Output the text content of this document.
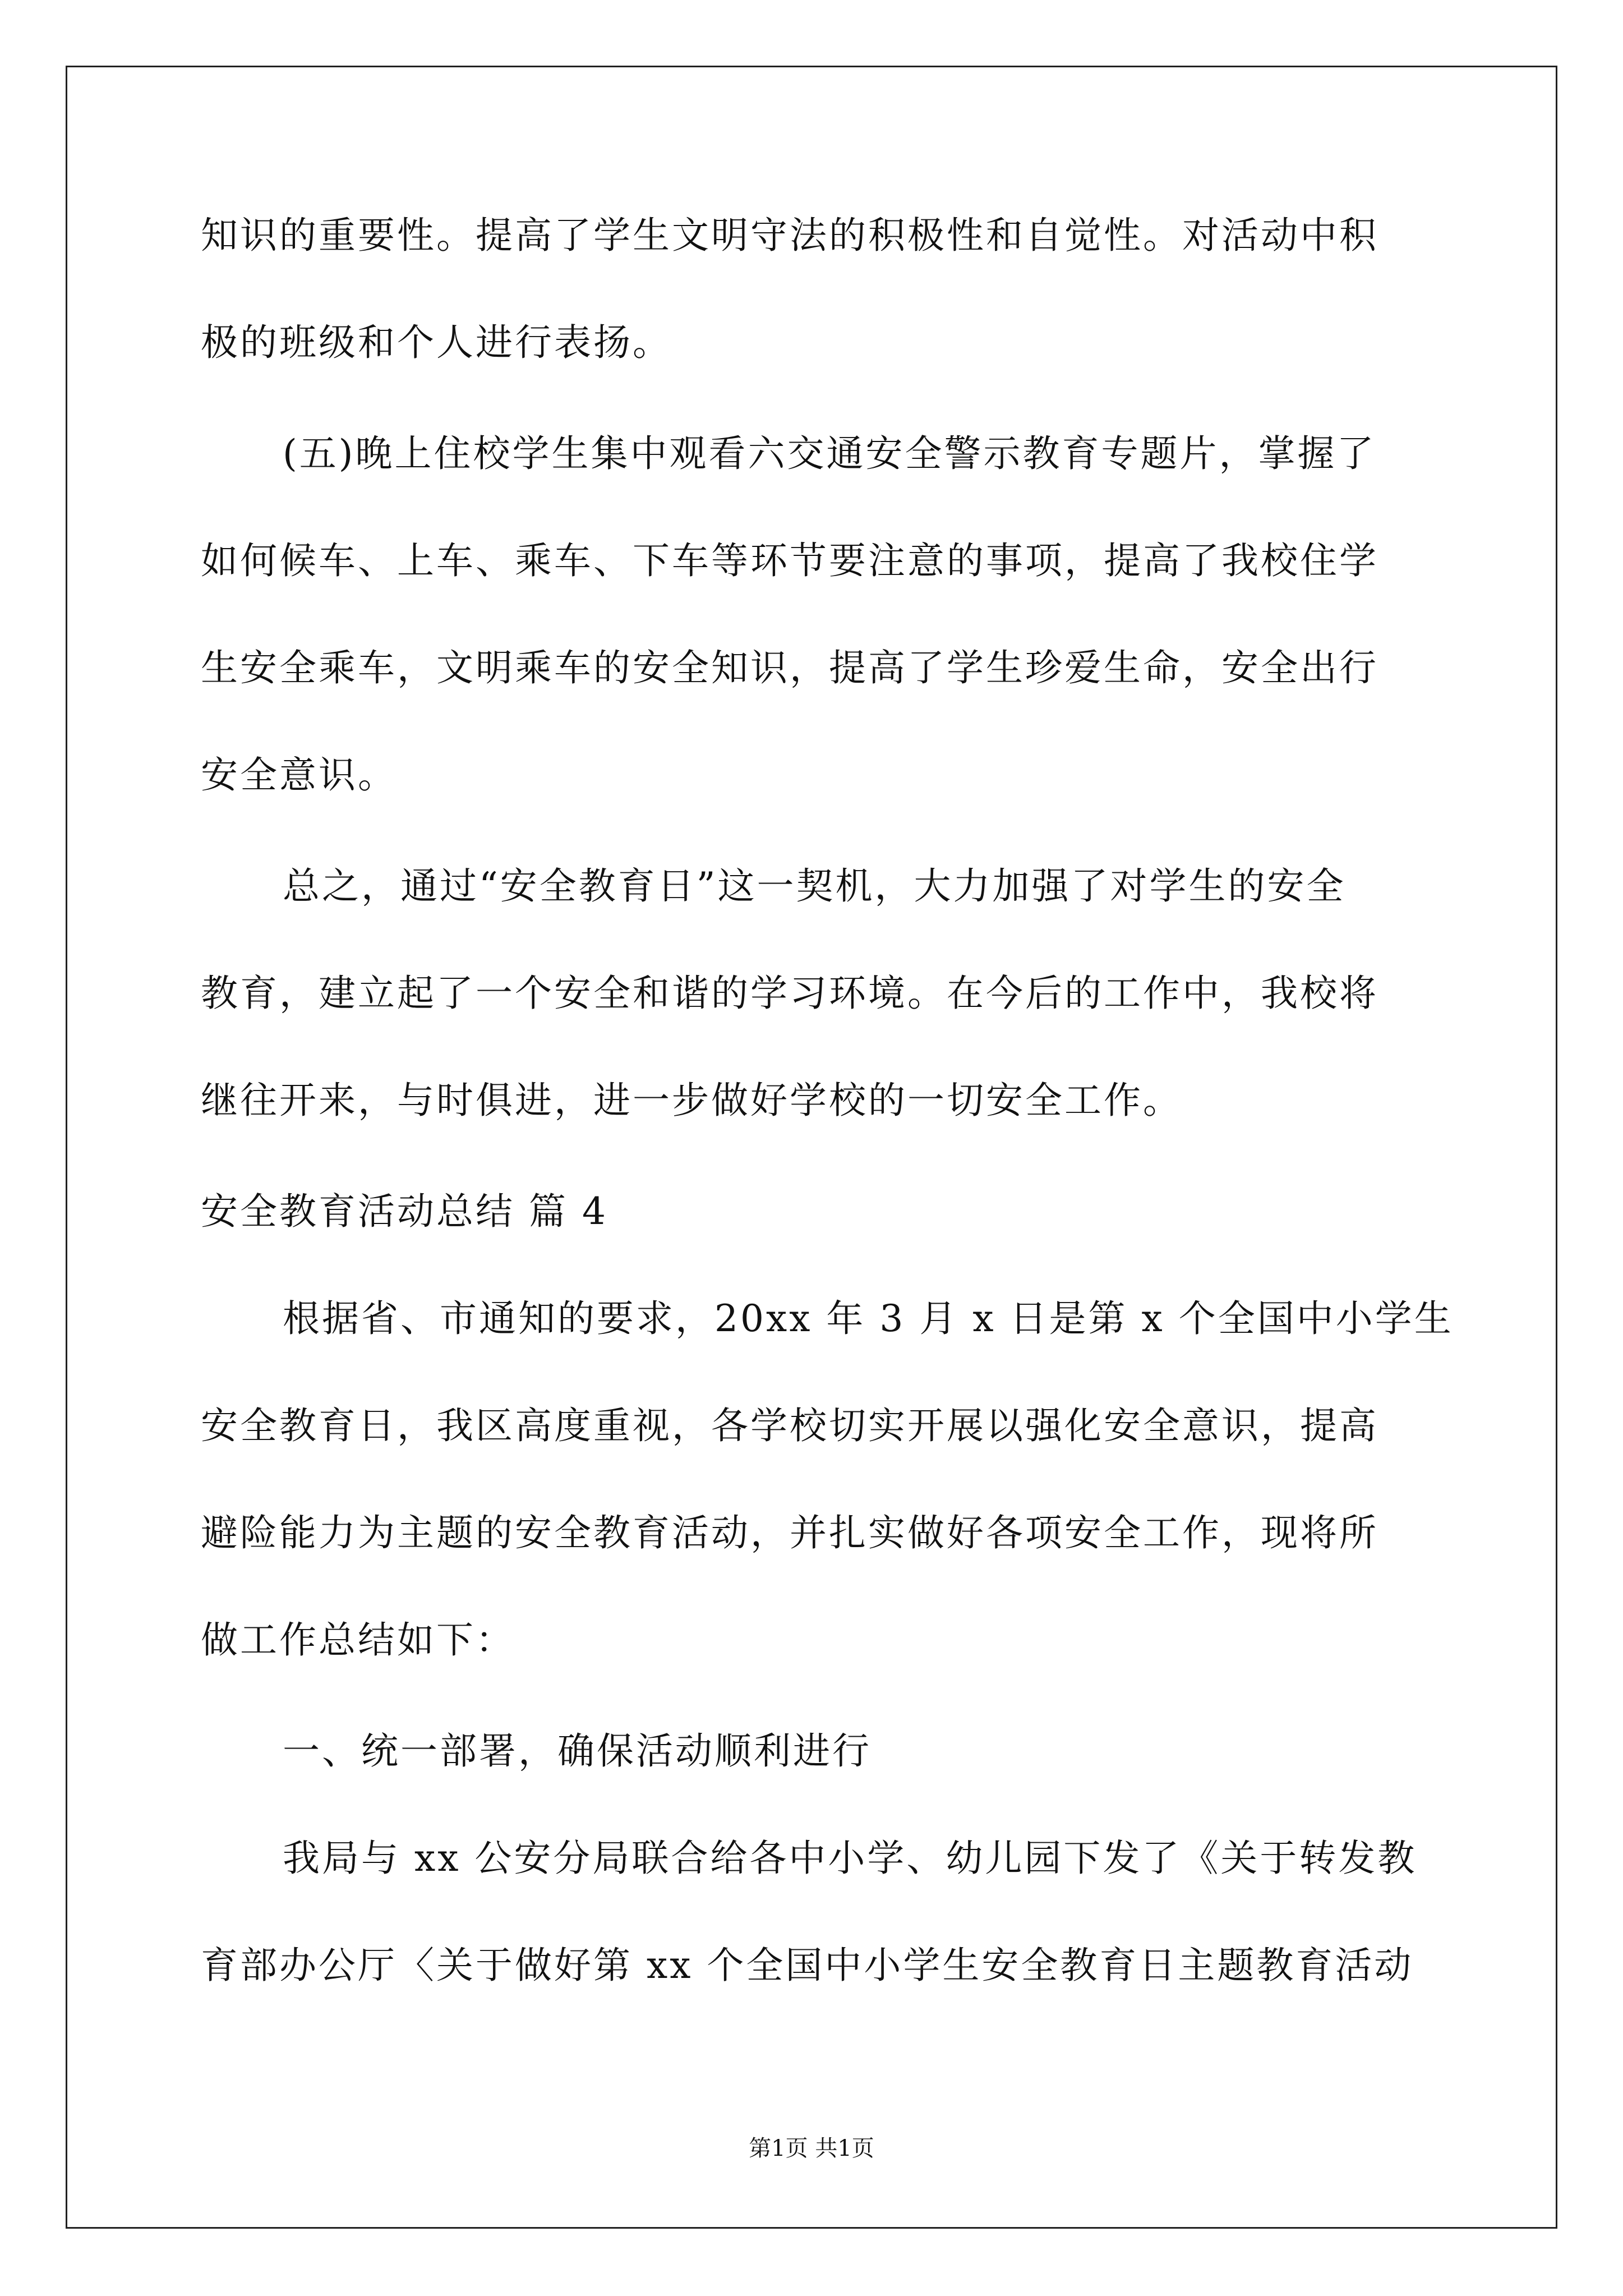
知识的重要性。提高了学生文明守法的积极性和自觉性。对活动中积
极的班级和个人进行表扬。
(五)晚上住校学生集中观看六交通安全警示教育专题片，掌握了
如何候车、上车、乘车、下车等环节要注意的事项，提高了我校住学
生安全乘车，文明乘车的安全知识，提高了学生珍爱生命，安全出行
安全意识。
总之，通过“安全教育日”这一契机，大力加强了对学生的安全
教育，建立起了一个安全和谐的学习环境。在今后的工作中，我校将
继往开来，与时俱进，进一步做好学校的一切安全工作。
安全教育活动总结 篇 4
根据省、市通知的要求，20xx 年 3 月 x 日是第 x 个全国中小学生
安全教育日，我区高度重视，各学校切实开展以强化安全意识，提高
避险能力为主题的安全教育活动，并扎实做好各项安全工作，现将所
做工作总结如下：
一、统一部署，确保活动顺利进行
我局与 xx 公安分局联合给各中小学、幼儿园下发了《关于转发教
育部办公厅〈关于做好第 xx 个全国中小学生安全教育日主题教育活动
第1页 共1页
